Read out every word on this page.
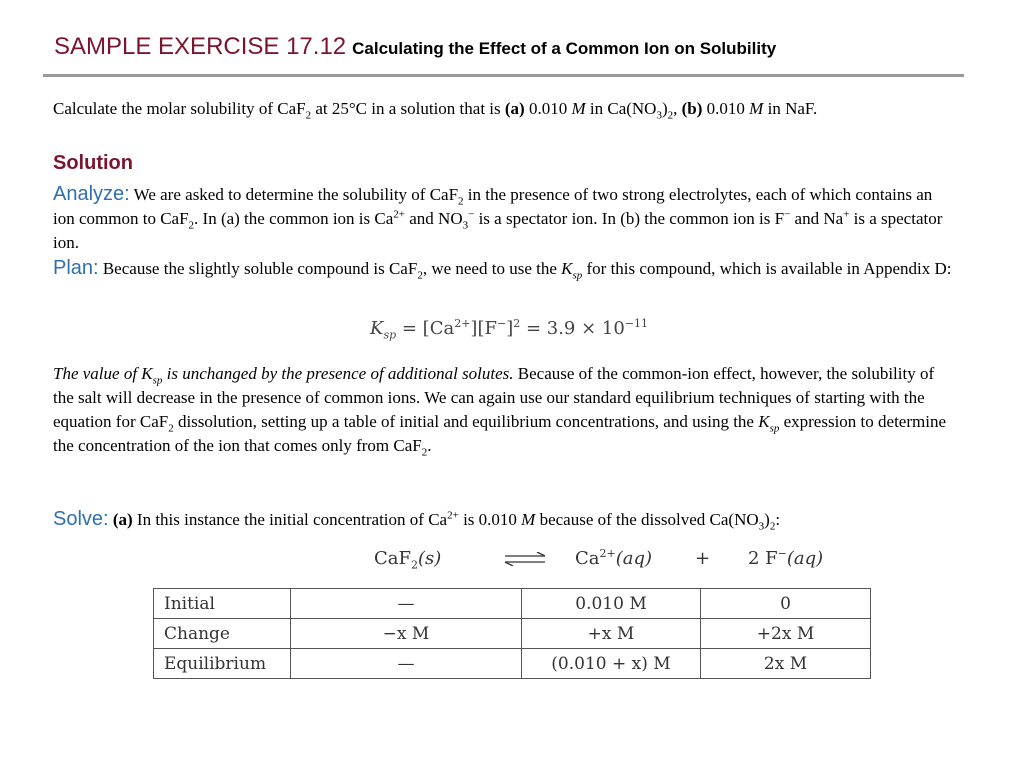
SAMPLE EXERCISE 17.12 Calculating the Effect of a Common Ion on Solubility
Calculate the molar solubility of CaF$_2$ at 25°C in a solution that is (a) 0.010 M in $Ca(NO_3)_2$, (b) 0.010 M in NaF.
Solution
Analyze: We are asked to determine the solubility of CaF$_2$ in the presence of two strong electrolytes, each of which contains an ion common to CaF$_2$. In (a) the common ion is $Ca^{2+}$ and $NO_3^-$ is a spectator ion. In (b) the common ion is F− and Na+ is a spectator ion.
Plan: Because the slightly soluble compound is CaF$_2$, we need to use the $K_{sp}$ for this compound, which is available in Appendix D:
$K_{sp} = [Ca^{2+}][F^-]^2 = 3.9 \times 10^{-11}$
The value of $K_{sp}$ is unchanged by the presence of additional solutes. Because of the common-ion effect, however, the solubility of the salt will decrease in the presence of common ions. We can again use our standard equilibrium techniques of starting with the equation for CaF$_2$ dissolution, setting up a table of initial and equilibrium concentrations, and using the $K_{sp}$ expression to determine the concentration of the ion that comes only from CaF$_2$.
Solve: (a) In this instance the initial concentration of $Ca^{2+}$ is 0.010 M because of the dissolved $Ca(NO_3)_2$:
CaF$_2$(s)	$Ca^{2+}(aq) + 2$ F−(aq)
Initial	—	0.010 M	0
Change	−x M	+x M	+2x M
Equilibrium	—	(0.010 + x) M	2x M
